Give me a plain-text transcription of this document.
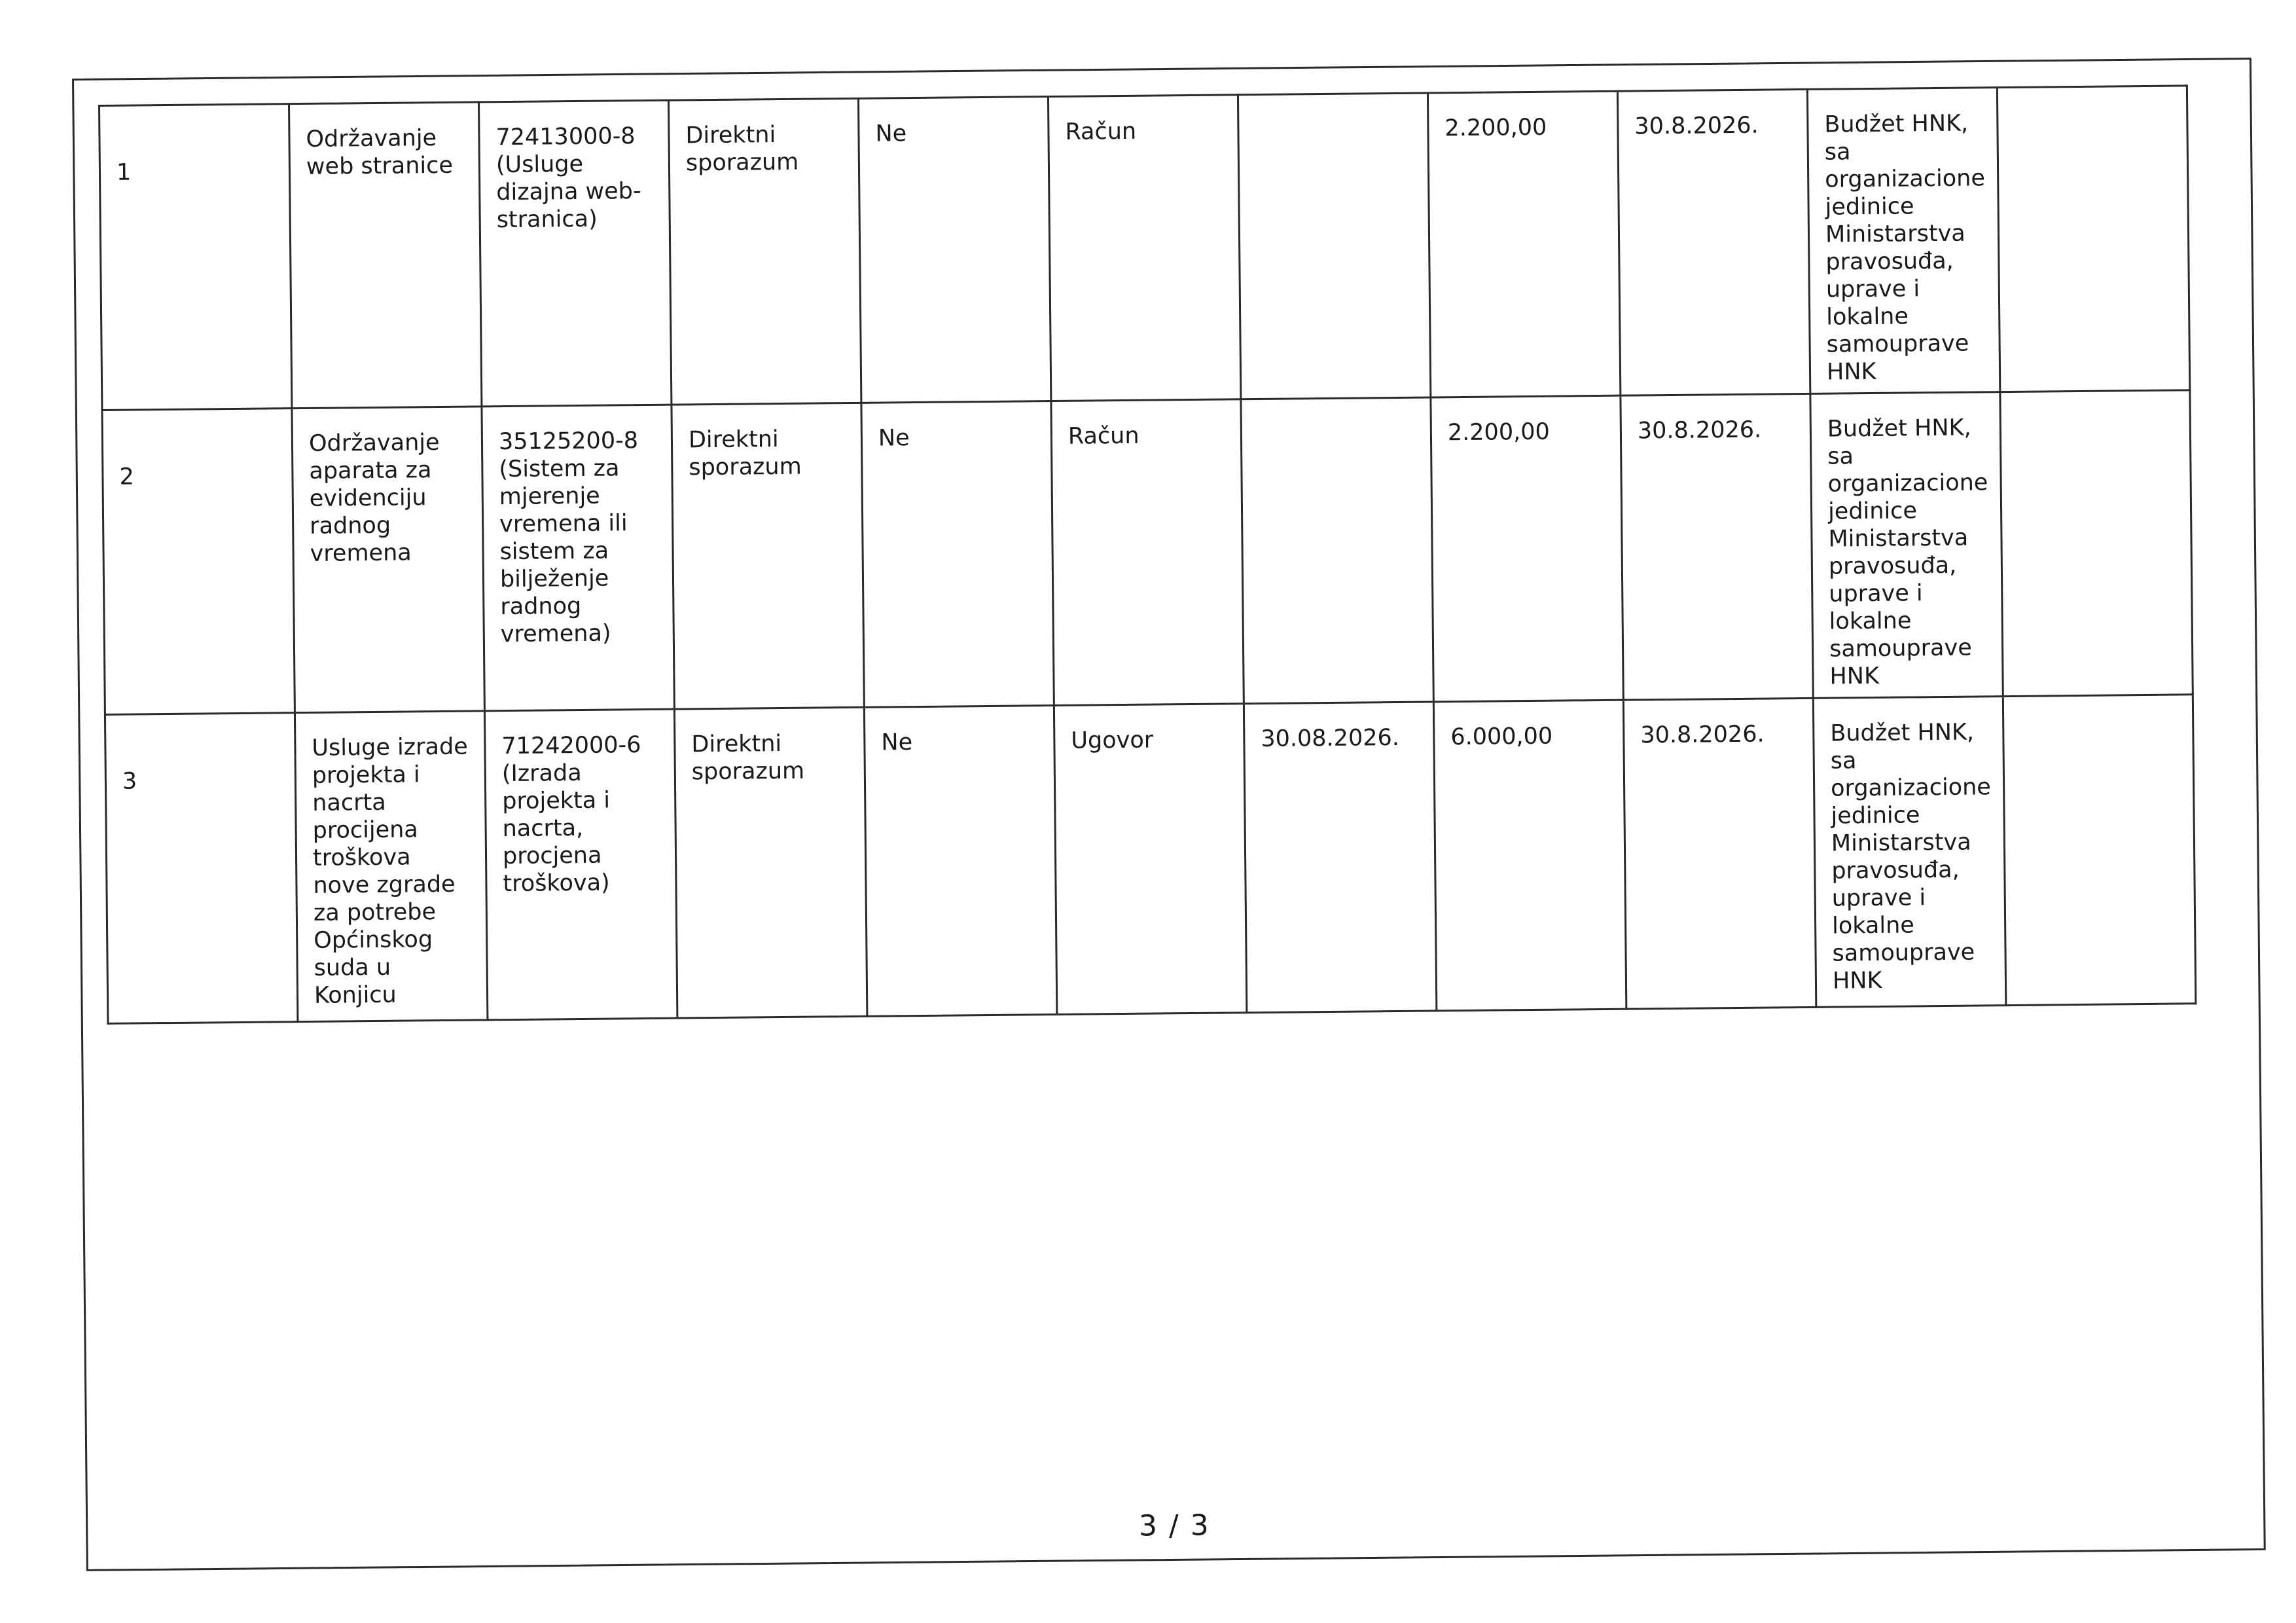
1	Održavanje web stranice	72413000-8 (Usluge dizajna web-stranica)	Direktni sporazum	Ne	Račun		2.200,00	30.8.2026.	Budžet HNK, sa organizacione jedinice Ministarstva pravosuđa, uprave i lokalne samouprave HNK	
2	Održavanje aparata za evidenciju radnog vremena	35125200-8 (Sistem za mjerenje vremena ili sistem za bilježenje radnog vremena)	Direktni sporazum	Ne	Račun		2.200,00	30.8.2026.	Budžet HNK, sa organizacione jedinice Ministarstva pravosuđa, uprave i lokalne samouprave HNK	
3	Usluge izrade projekta i nacrta procijena troškova nove zgrade za potrebe Općinskog suda u Konjicu	71242000-6 (Izrada projekta i nacrta, procjena troškova)	Direktni sporazum	Ne	Ugovor	30.08.2026.	6.000,00	30.8.2026.	Budžet HNK, sa organizacione jedinice Ministarstva pravosuđa, uprave i lokalne samouprave HNK	
3 / 3
